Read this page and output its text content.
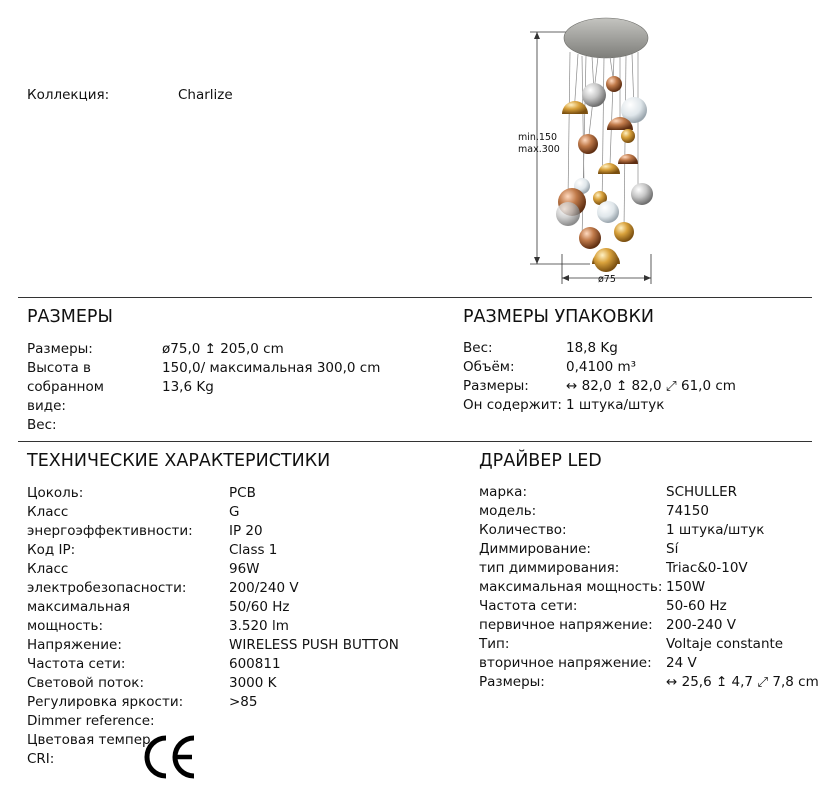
Коллекция:	Charlize
min.150
max.300
ø75
РАЗМЕРЫ
Размеры:
Высота в
собранном
виде:
Вес:
ø75,0 ↥ 205,0 cm
150,0/ максимальная 300,0 cm
13,6 Kg
РАЗМЕРЫ УПАКОВКИ
Вес:
Объём:
Размеры:
Он содержит:
18,8 Kg
0,4100 m³
↔ 82,0 ↥ 82,0 ⤢ 61,0 cm
1 штука/штук
ТЕХНИЧЕСКИЕ ХАРАКТЕРИСТИКИ
Цоколь:
Класс
энергоэффективности:
Код IP:
Класс
электробезопасности:
максимальная
мощность:
Напряжение:
Частота сети:
Световой поток:
Регулировка яркости:
Dimmer reference:
Цветовая темпер
CRI:
PCB
G
IP 20
Class 1
96W
200/240 V
50/60 Hz
3.520 lm
WIRELESS PUSH BUTTON
600811
3000 K
>85
ДРАЙВЕР LED
марка:
модель:
Количество:
Диммирование:
тип диммирования:
максимальная мощность:
Частота сети:
первичное напряжение:
Тип:
вторичное напряжение:
Размеры:
SCHULLER
74150
1 штука/штук
Sí
Triac&0-10V
150W
50-60 Hz
200-240 V
Voltaje constante
24 V
↔ 25,6 ↥ 4,7 ⤢ 7,8 cm
